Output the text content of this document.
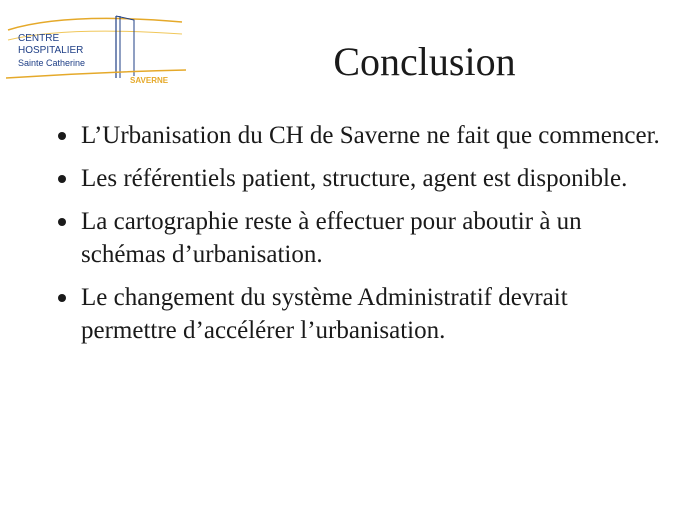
CENTRE
HOSPITALIER
Sainte Catherine
SAVERNE	Conclusion
L’Urbanisation du CH de Saverne ne fait que commencer.
Les référentiels patient, structure, agent est disponible.
La cartographie reste à effectuer pour aboutir à un schémas d’urbanisation.
Le changement du système Administratif devrait permettre d’accélérer l’urbanisation.
